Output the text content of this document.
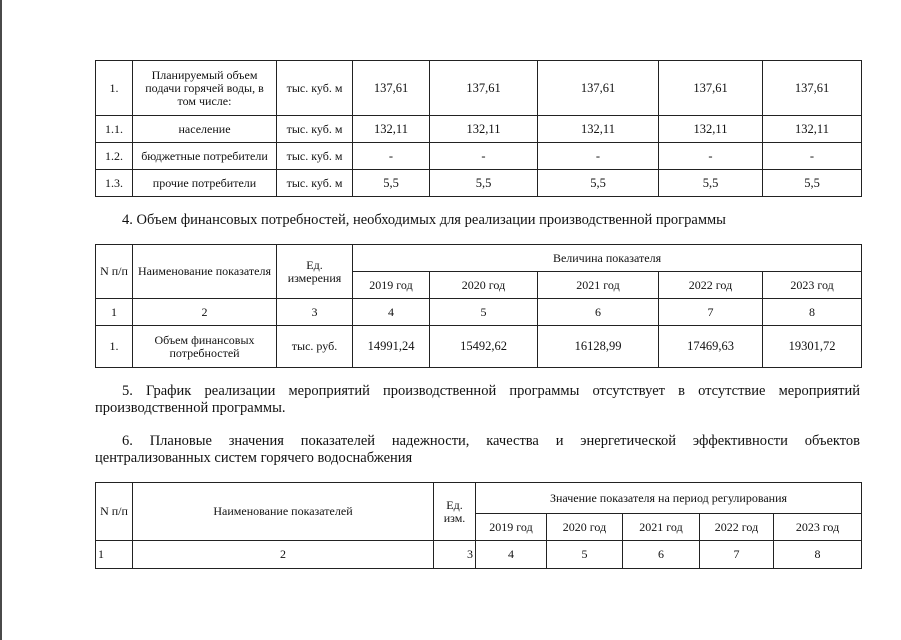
1.	Планируемый объем подачи горячей воды, в том числе:	тыс. куб. м	137,61	137,61	137,61	137,61	137,61
1.1.	население	тыс. куб. м	132,11	132,11	132,11	132,11	132,11
1.2.	бюджетные потребители	тыс. куб. м	-	-	-	-	-
1.3.	прочие потребители	тыс. куб. м	5,5	5,5	5,5	5,5	5,5

4. Объем финансовых потребностей, необходимых для реализации производственной программы

N п/п	Наименование показателя	Ед. измерения	Величина показателя				
			2019 год	2020 год	2021 год	2022 год	2023 год
1	2	3	4	5	6	7	8
1.	Объем финансовых потребностей	тыс. руб.	14991,24	15492,62	16128,99	17469,63	19301,72

5. График реализации мероприятий производственной программы отсутствует в отсутствие мероприятий

производственной программы.

6. Плановые значения показателей надежности, качества и энергетической эффективности объектов

централизованных систем горячего водоснабжения

N п/п	Наименование показателей	Ед. изм.	Значение показателя на период регулирования				
			2019 год	2020 год	2021 год	2022 год	2023 год
1	2	3	4	5	6	7	8
